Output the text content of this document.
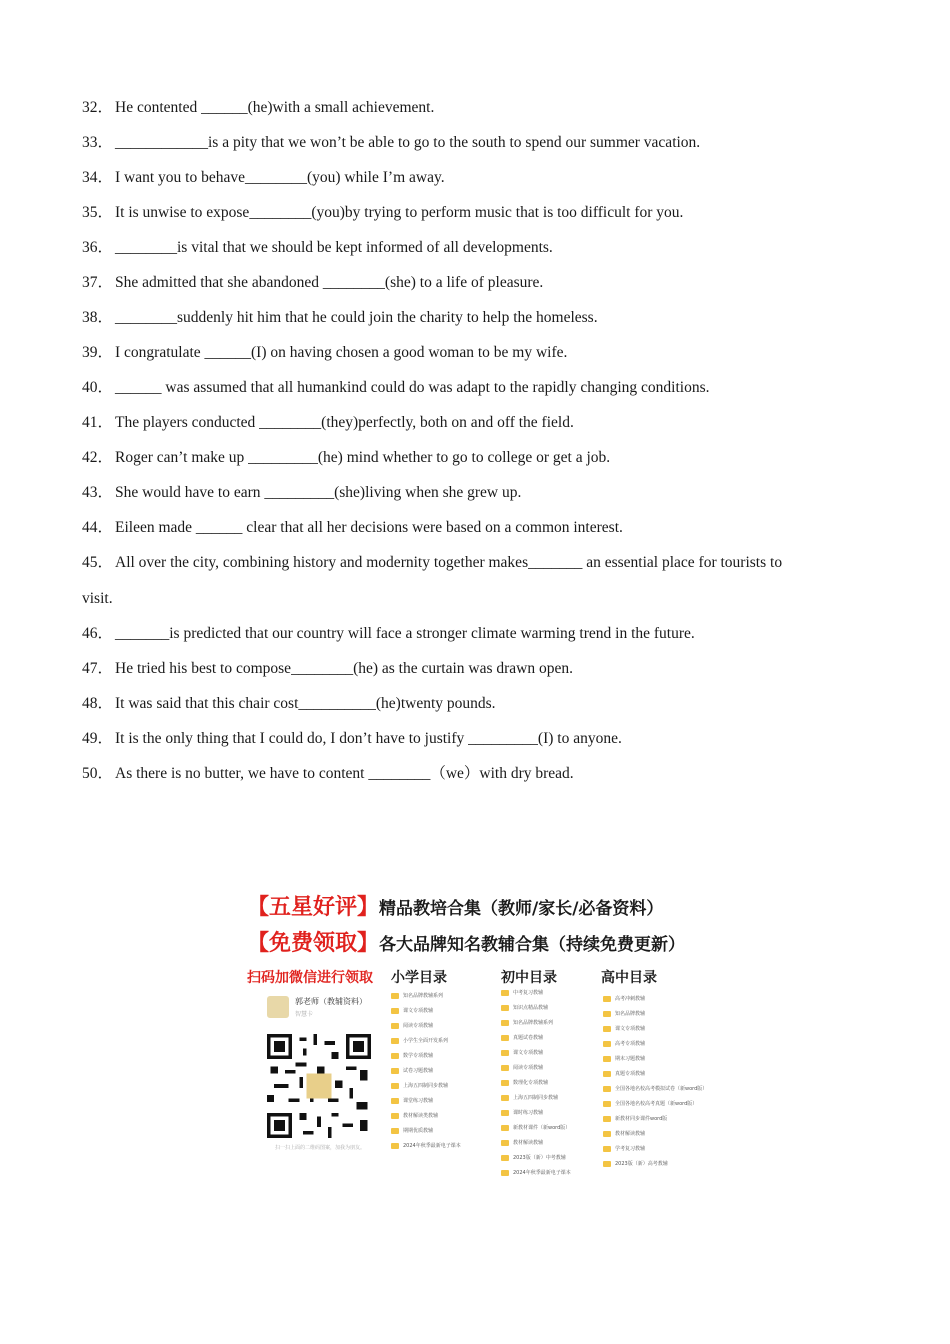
32． He contented ______(he)with a small achievement.
33． ____________is a pity that we won’t be able to go to the south to spend our summer vacation.
34． I want you to behave________(you) while I’m away.
35． It is unwise to expose________(you)by trying to perform music that is too difficult for you.
36． ________is vital that we should be kept informed of all developments.
37． She admitted that she abandoned ________(she) to a life of pleasure.
38． ________suddenly hit him that he could join the charity to help the homeless.
39． I congratulate ______(I) on having chosen a good woman to be my wife.
40． ______ was assumed that all humankind could do was adapt to the rapidly changing conditions.
41． The players conducted ________(they)perfectly, both on and off the field.
42． Roger can’t make up _________(he) mind whether to go to college or get a job.
43． She would have to earn _________(she)living when she grew up.
44． Eileen made ______ clear that all her decisions were based on a common interest.
45． All over the city, combining history and modernity together makes_______ an essential place for tourists to
visit.
46． _______is predicted that our country will face a stronger climate warming trend in the future.
47． He tried his best to compose________(he) as the curtain was drawn open.
48． It was said that this chair cost__________(he)twenty pounds.
49． It is the only thing that I could do, I don’t have to justify _________(I) to anyone.
50． As there is no butter, we have to content ________（we）with dry bread.
【五星好评】精品教培合集（教师/家长/必备资料）
【免费领取】各大品牌知名教辅合集（持续免费更新）
扫码加微信进行领取
郭老师（教辅资料）
智慧卡
扫一扫上面的二维码图案，加我为朋友。
小学目录	初中目录	高中目录
知名品牌教辅系列
课文专项教辅
阅读专项教辅
小学生全面开发系列
数学专项教辅
试卷习题教辅
上海五四制同步教辅
课堂练习教辅
教材解读类教辅
期期优质教辅
2024年秋季最新电子课本
中考复习教辅
知识点精品教辅
知名品牌教辅系列
真题试卷教辅
课文专项教辅
阅读专项教辅
数理化专项教辅
上海五四制同步教辅
课时练习教辅
新教材课件（新word版）
教材解读教辅
2023版（新）中考教辅
2024年秋季最新电子课本
高考冲刺教辅
知名品牌教辅
课文专项教辅
高考专项教辅
期末习题教辅
真题专项教辅
全国各地名校高考模拟试卷（新word版）
全国各地名校高考真题（新word版）
新教材同步课件word版
教材解读教辅
学考复习教辅
2023版（新）高考教辅
